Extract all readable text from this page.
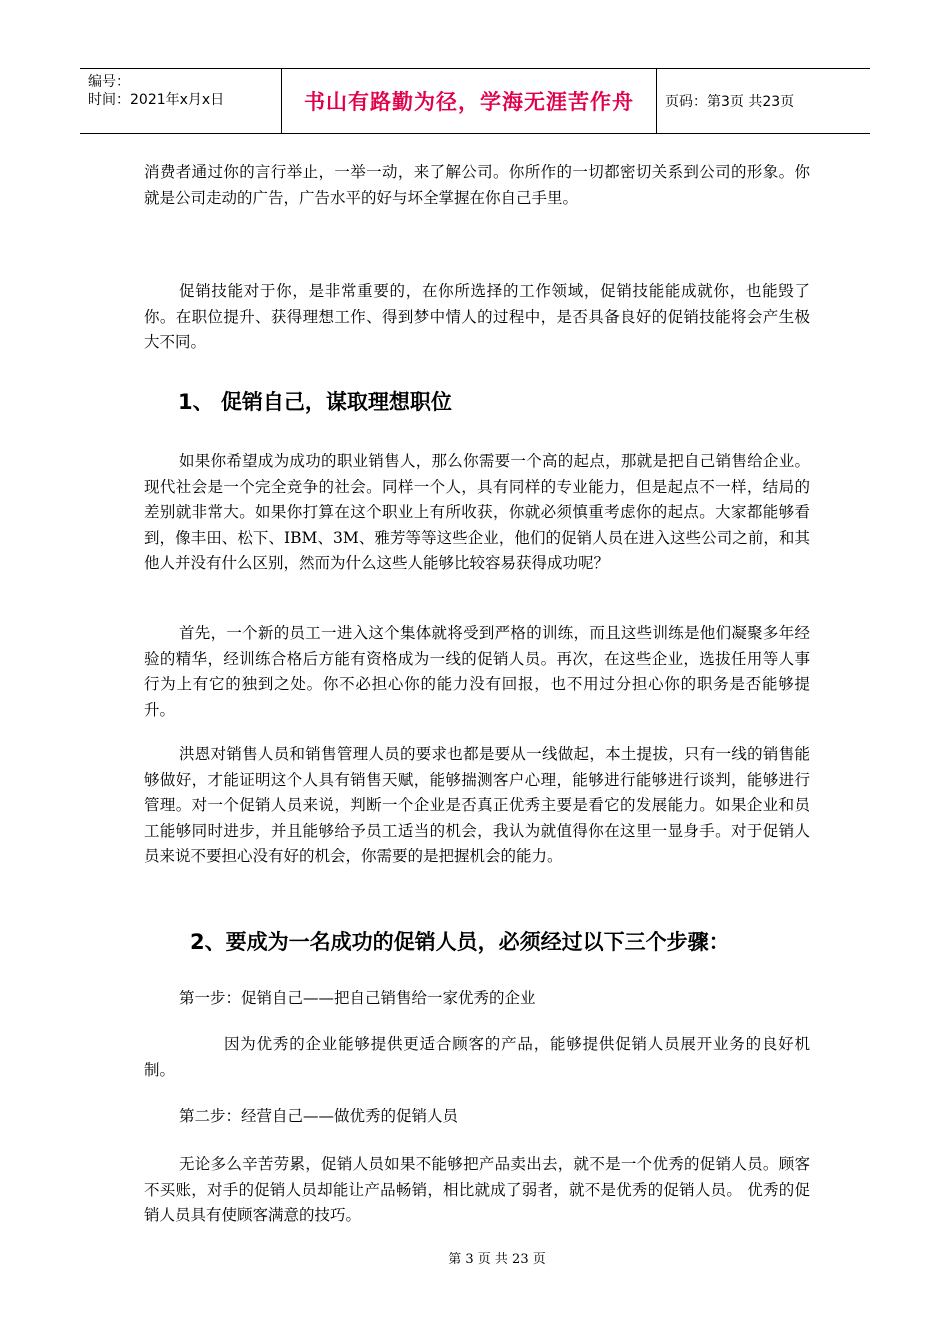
编号：
时间：2021年x月x日	书山有路勤为径，学海无涯苦作舟	页码：第3页 共23页

消费者通过你的言行举止，一举一动，来了解公司。你所作的一切都密切关系到公司的形象。你就是公司走动的广告，广告水平的好与坏全掌握在你自己手里。

促销技能对于你，是非常重要的，在你所选择的工作领域，促销技能能成就你，也能毁了你。在职位提升、获得理想工作、得到梦中情人的过程中，是否具备良好的促销技能将会产生极大不同。

1、 促销自己，谋取理想职位

如果你希望成为成功的职业销售人，那么你需要一个高的起点，那就是把自己销售给企业。 现代社会是一个完全竞争的社会。同样一个人，具有同样的专业能力，但是起点不一样，结局的差别就非常大。如果你打算在这个职业上有所收获，你就必须慎重考虑你的起点。大家都能够看到，像丰田、松下、IBM、3M、雅芳等等这些企业，他们的促销人员在进入这些公司之前，和其他人并没有什么区别，然而为什么这些人能够比较容易获得成功呢？

首先，一个新的员工一进入这个集体就将受到严格的训练，而且这些训练是他们凝聚多年经验的精华，经训练合格后方能有资格成为一线的促销人员。再次，在这些企业，选拔任用等人事行为上有它的独到之处。你不必担心你的能力没有回报，也不用过分担心你的职务是否能够提升。

洪恩对销售人员和销售管理人员的要求也都是要从一线做起，本土提拔，只有一线的销售能够做好，才能证明这个人具有销售天赋，能够揣测客户心理，能够进行能够进行谈判，能够进行管理。对一个促销人员来说，判断一个企业是否真正优秀主要是看它的发展能力。如果企业和员工能够同时进步，并且能够给予员工适当的机会，我认为就值得你在这里一显身手。对于促销人员来说不要担心没有好的机会，你需要的是把握机会的能力。

2、要成为一名成功的促销人员，必须经过以下三个步骤：

第一步：促销自己——把自己销售给一家优秀的企业

因为优秀的企业能够提供更适合顾客的产品，能够提供促销人员展开业务的良好机制。

第二步：经营自己——做优秀的促销人员

无论多么辛苦劳累，促销人员如果不能够把产品卖出去，就不是一个优秀的促销人员。顾客不买账，对手的促销人员却能让产品畅销，相比就成了弱者，就不是优秀的促销人员。 优秀的促销人员具有使顾客满意的技巧。

第 3 页 共 23 页
